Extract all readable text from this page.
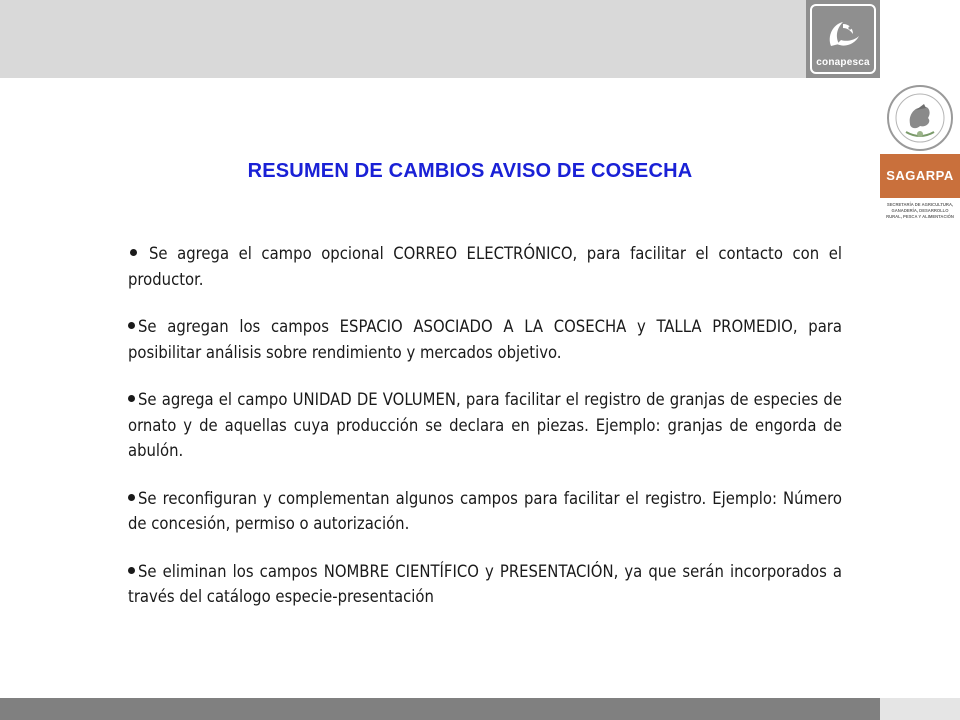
conapesca
SAGARPA
SECRETARÍA DE AGRICULTURA, GANADERÍA, DESARROLLO RURAL, PESCA Y ALIMENTACIÓN
RESUMEN DE CAMBIOS AVISO DE COSECHA

Se agrega el campo opcional CORREO ELECTRÓNICO, para facilitar el contacto con el productor.

Se agregan los campos ESPACIO ASOCIADO A LA COSECHA y TALLA PROMEDIO, para posibilitar análisis sobre rendimiento y mercados objetivo.

Se agrega el campo UNIDAD DE VOLUMEN, para facilitar el registro de granjas de especies de ornato y de aquellas cuya producción se declara en piezas. Ejemplo: granjas de engorda de abulón.

Se reconfiguran y complementan algunos campos para facilitar el registro. Ejemplo: Número de concesión, permiso o autorización.

Se eliminan los campos NOMBRE CIENTÍFICO y PRESENTACIÓN, ya que serán incorporados a través del catálogo especie-presentación
